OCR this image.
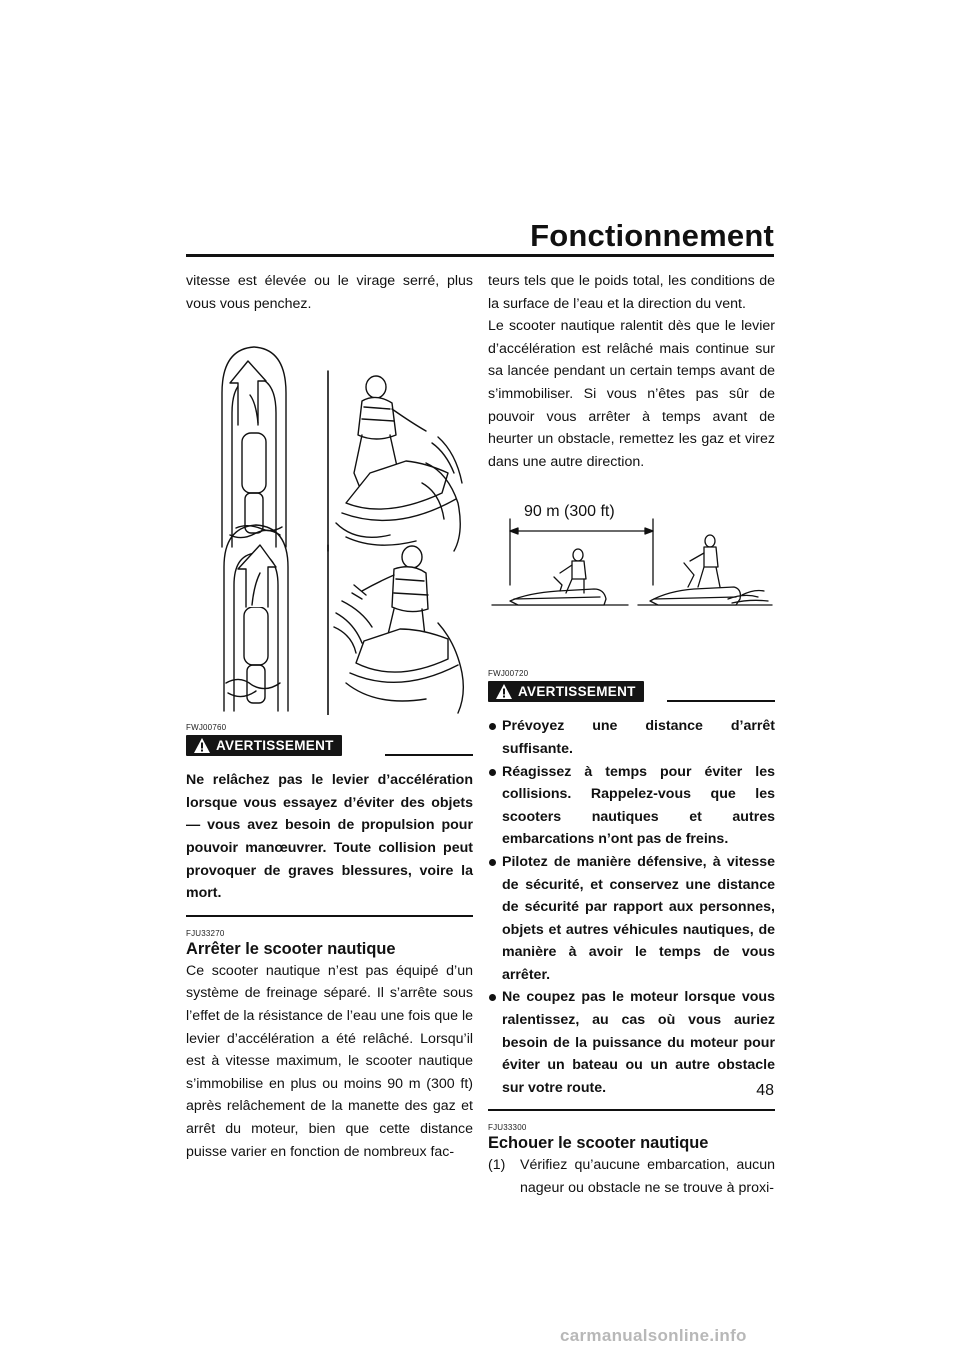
Fonctionnement

vitesse est élevée ou le virage serré, plus vous vous penchez.

FWJ00760

AVERTISSEMENT

Ne relâchez pas le levier d’accélération lorsque vous essayez d’éviter des objets — vous avez besoin de propulsion pour pouvoir manœuvrer. Toute collision peut provoquer de graves blessures, voire la mort.

FJU33270

Arrêter le scooter nautique

Ce scooter nautique n’est pas équipé d’un système de freinage séparé. Il s’arrête sous l’effet de la résistance de l’eau une fois que le levier d’accélération a été relâché. Lorsqu’il est à vitesse maximum, le scooter nautique s’immobilise en plus ou moins 90 m (300 ft) après relâchement de la manette des gaz et arrêt du moteur, bien que cette distance puisse varier en fonction de nombreux fac-

teurs tels que le poids total, les conditions de la surface de l’eau et la direction du vent.

Le scooter nautique ralentit dès que le levier d’accélération est relâché mais continue sur sa lancée pendant un certain temps avant de s’immobiliser. Si vous n’êtes pas sûr de pouvoir vous arrêter à temps avant de heurter un obstacle, remettez les gaz et virez dans une autre direction.

90 m (300 ft)

FWJ00720

AVERTISSEMENT
Prévoyez une distance d’arrêt suffisante.
Réagissez à temps pour éviter les collisions. Rappelez-vous que les scooters nautiques et autres embarcations n’ont pas de freins.
Pilotez de manière défensive, à vitesse de sécurité, et conservez une distance de sécurité par rapport aux personnes, objets et autres véhicules nautiques, de manière à avoir le temps de vous arrêter.
Ne coupez pas le moteur lorsque vous ralentissez, au cas où vous auriez besoin de la puissance du moteur pour éviter un bateau ou un autre obstacle sur votre route.

FJU33300

Echouer le scooter nautique

(1) Vérifiez qu’aucune embarcation, aucun nageur ou obstacle ne se trouve à proxi-

48
carmanualsonline.info
